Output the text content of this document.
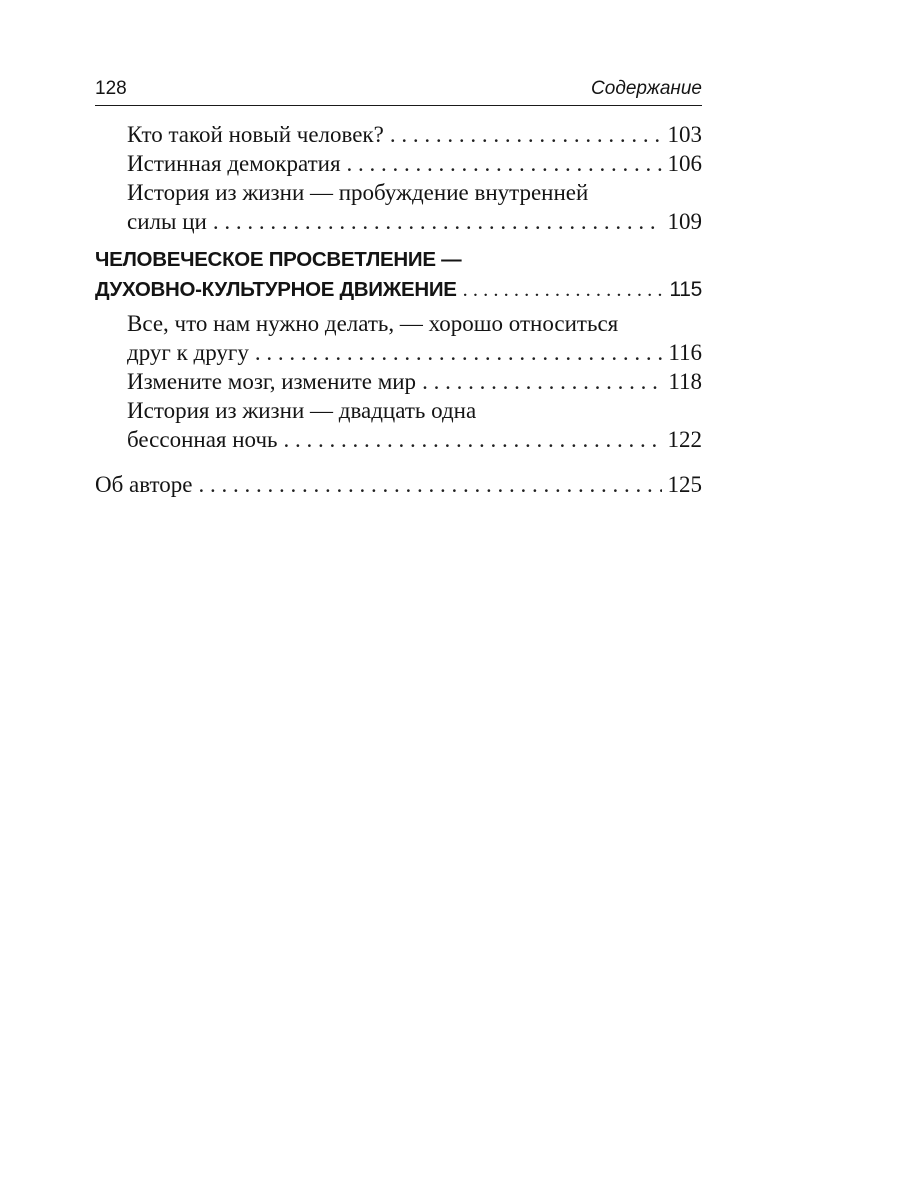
128	Содержание
Кто такой новый человек? . . .	103
Истинная демократия . . .	106
История из жизни — пробуждение внутренней
силы ци . . .	109
ЧЕЛОВЕЧЕСКОЕ ПРОСВЕТЛЕНИЕ —
ДУХОВНО-КУЛЬТУРНОЕ ДВИЖЕНИЕ . . .	115
Все, что нам нужно делать, — хорошо относиться
друг к другу . . .	116
Измените мозг, измените мир . . .	118
История из жизни — двадцать одна
бессонная ночь . . .	122
Об авторе . . .	125
